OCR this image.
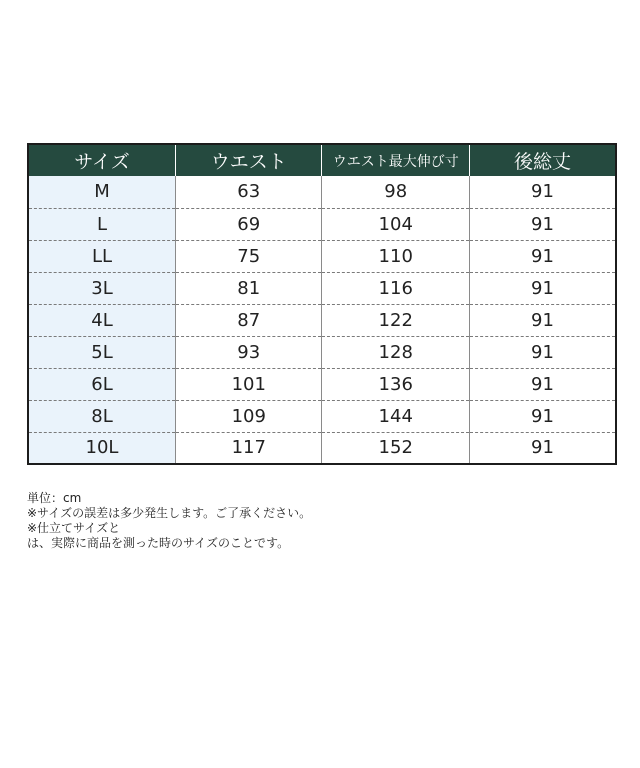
サイズ	ウエスト	ウエスト最大伸び寸	後総丈
M	63	98	91
L	69	104	91
LL	75	110	91
3L	81	116	91
4L	87	122	91
5L	93	128	91
6L	101	136	91
8L	109	144	91
10L	117	152	91
単位：cm
※サイズの誤差は多少発生します。ご了承ください。
※仕立てサイズと
は、実際に商品を測った時のサイズのことです。
